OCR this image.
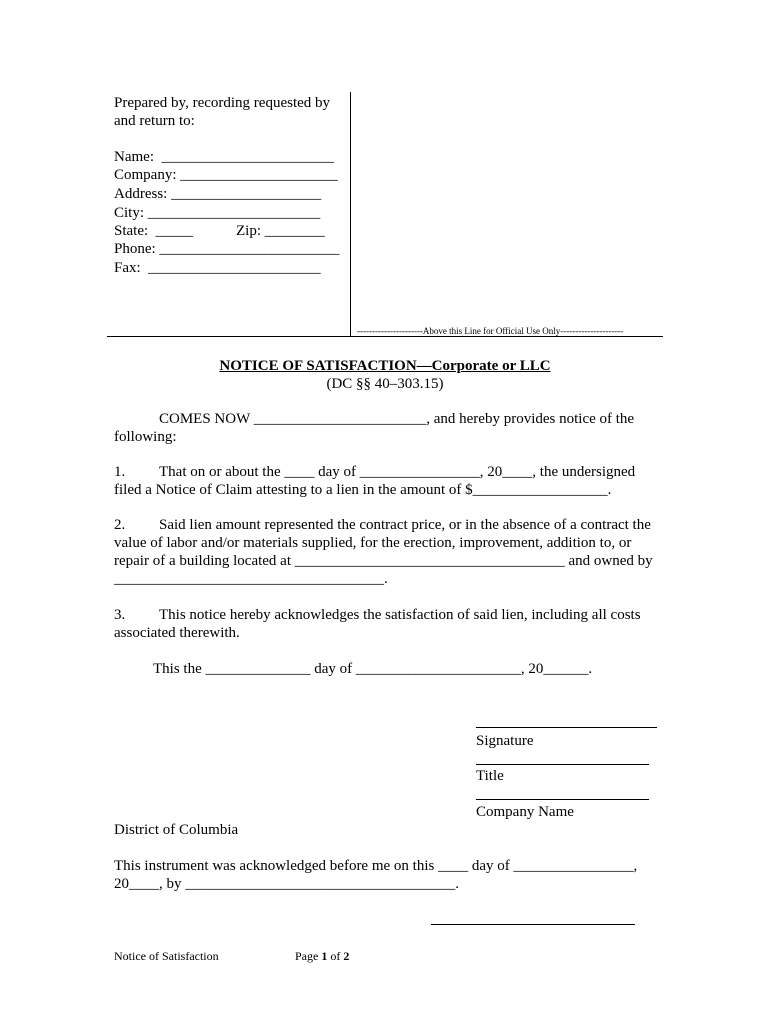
Prepared by, recording requested by
and return to:
Name:  _______________________
Company: _____________________
Address: ____________________
City: _______________________
State:  _____	Zip: ________
Phone: ________________________
Fax:  _______________________
----------------------Above this Line for Official Use Only---------------------
NOTICE OF SATISFACTION—Corporate or LLC
(DC §§ 40–303.15)
COMES NOW _______________________, and hereby provides notice of the
following:
1. That on or about the ____ day of ________________, 20____, the undersigned
filed a Notice of Claim attesting to a lien in the amount of $__________________.
2. Said lien amount represented the contract price, or in the absence of a contract the
value of labor and/or materials supplied, for the erection, improvement, addition to, or
repair of a building located at ____________________________________ and owned by
____________________________________.
3. This notice hereby acknowledges the satisfaction of said lien, including all costs
associated therewith.
This the ______________ day of ______________________, 20______.
Signature
Title
Company Name
District of Columbia
This instrument was acknowledged before me on this ____ day of ________________,
20____, by ____________________________________.
Notice of Satisfaction	Page 1 of 2
